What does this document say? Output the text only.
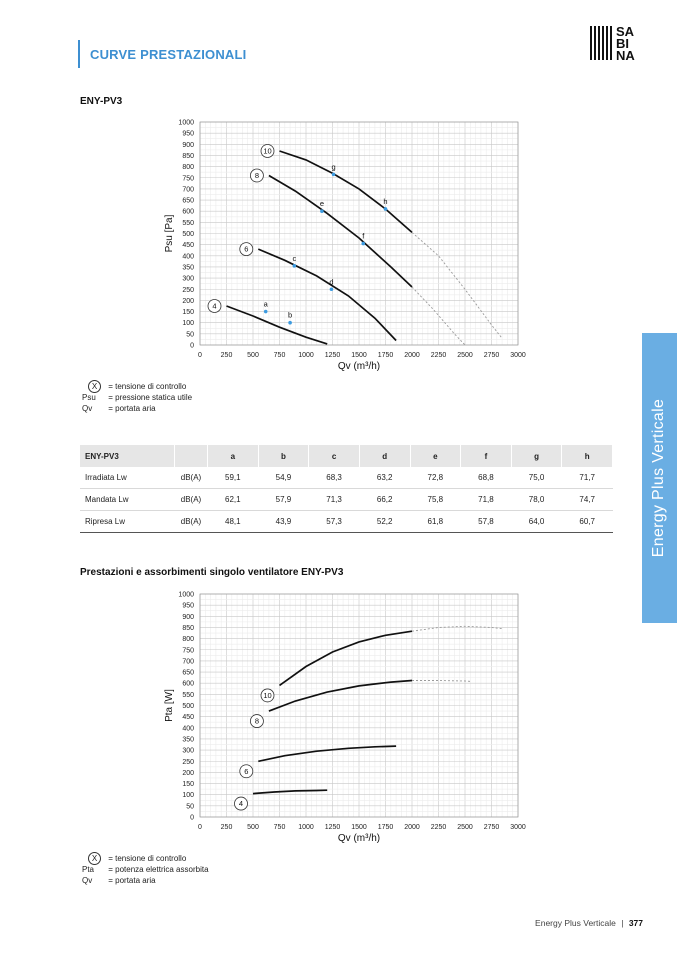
CURVE PRESTAZIONALI
SA
BI
NA
ENY-PV3
0	250 500 750 1000 1250 1500 1750 2000 2250 2500 2750 3000
0
50
100
150
200
250
300
350
400
450
500
550
600
650
700
750
800
850
900
950
1000
Qv (m³/h)
Psu [Pa]
4
6
8
10
a
b
c
d
e
f
g
h
X = tensione di controllo
Psu = pressione statica utile
Qv = portata aria
ENY-PV3		a	b	c	d	e	f	g	h
Irradiata Lw	dB(A)	59,1	54,9	68,3	63,2	72,8	68,8	75,0	71,7
Mandata Lw	dB(A)	62,1	57,9	71,3	66,2	75,8	71,8	78,0	74,7
Ripresa Lw	dB(A)	48,1	43,9	57,3	52,2	61,8	57,8	64,0	60,7
Prestazioni e assorbimenti singolo ventilatore ENY-PV3
0	250 500 750 1000 1250 1500 1750 2000 2250 2500 2750 3000
0
50
100
150
200
250
300
350
400
450
500
550
600
650
700
750
800
850
900
950
1000
Qv (m³/h)
Pta [W]
4
6
8
10
X = tensione di controllo
Pta = potenza elettrica assorbita
Qv = portata aria
Energy Plus Verticale
Energy Plus Verticale | 377
